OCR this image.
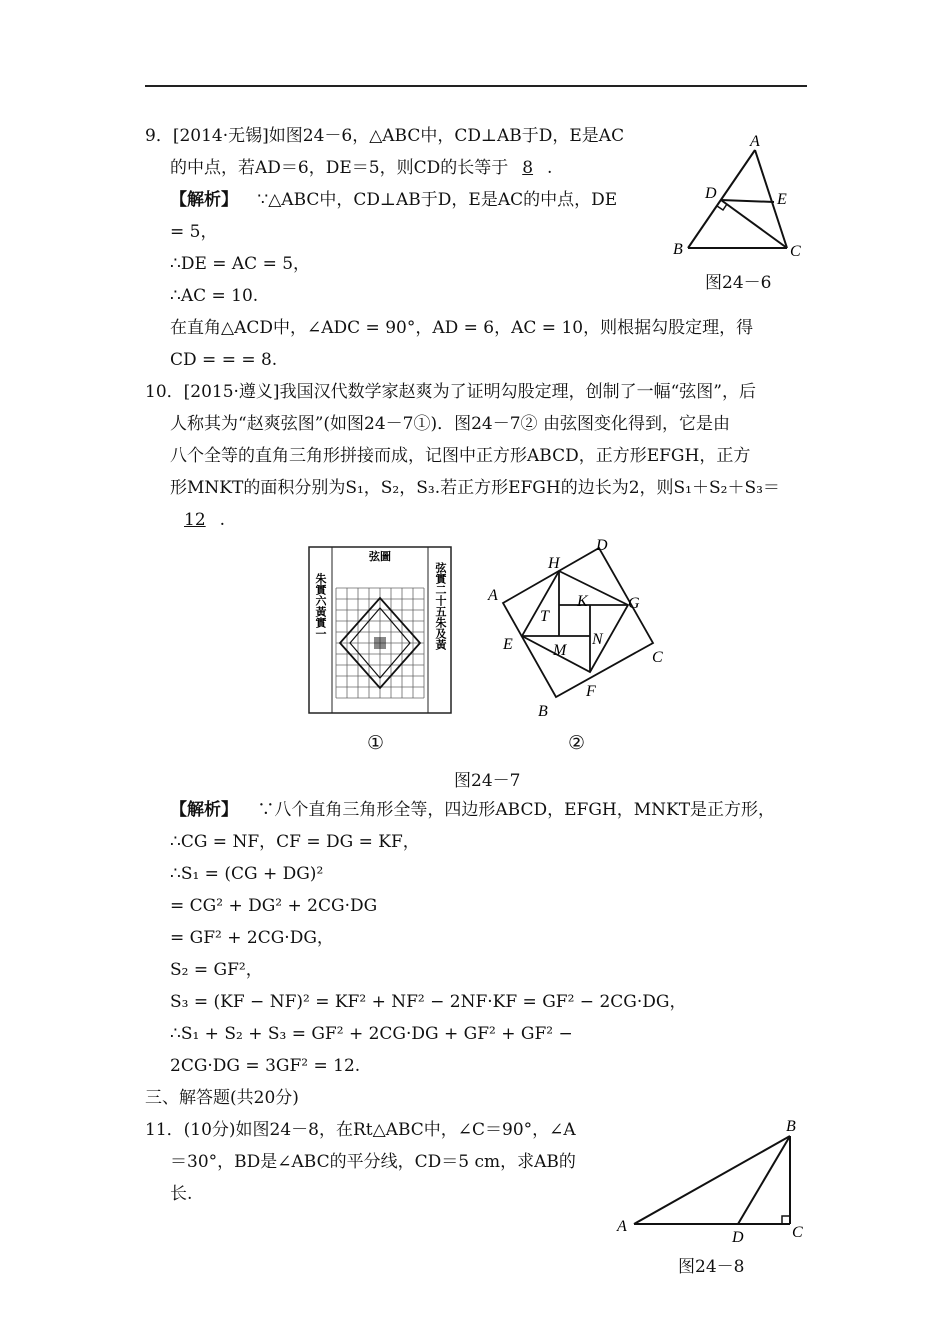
9．[2014·无锡]如图24－6，△ABC中，CD⊥AB于D，E是AC
的中点，若AD＝6，DE＝5，则CD的长等于 8 .
【解析】 ∵△ABC中，CD⊥AB于D，E是AC的中点，DE
= 5，
∴DE = AC = 5，
∴AC = 10.
在直角△ACD中，∠ADC = 90°，AD = 6，AC = 10，则根据勾股定理，得
CD = = = 8.
A
B	C
D	E
图24－6
10．[2015·遵义]我国汉代数学家赵爽为了证明勾股定理，创制了一幅“弦图”，后
人称其为“赵爽弦图”(如图24－7①)．图24－7② 由弦图变化得到，它是由
八个全等的直角三角形拼接而成，记图中正方形ABCD，正方形EFGH，正方
形MNKT的面积分别为S₁，S₂，S₃.若正方形EFGH的边长为2，则S₁＋S₂＋S₃＝
12 .
弦圖
朱實六黃實一	弦實二十五朱及黃
①
A
B
C
D
E
F
G
H
T
K
M
N
②
图24－7
【解析】 ∵八个直角三角形全等，四边形ABCD，EFGH，MNKT是正方形，
∴CG = NF，CF = DG = KF，
∴S₁ = (CG + DG)²
= CG² + DG² + 2CG·DG
= GF² + 2CG·DG，
S₂ = GF²，
S₃ = (KF − NF)² = KF² + NF² − 2NF·KF = GF² − 2CG·DG，
∴S₁ + S₂ + S₃ = GF² + 2CG·DG + GF² + GF² −
2CG·DG = 3GF² = 12.
三、解答题(共20分)
11．(10分)如图24－8，在Rt△ABC中，∠C＝90°，∠A
＝30°，BD是∠ABC的平分线，CD＝5 cm，求AB的
长.
A
B
C
D
图24－8
